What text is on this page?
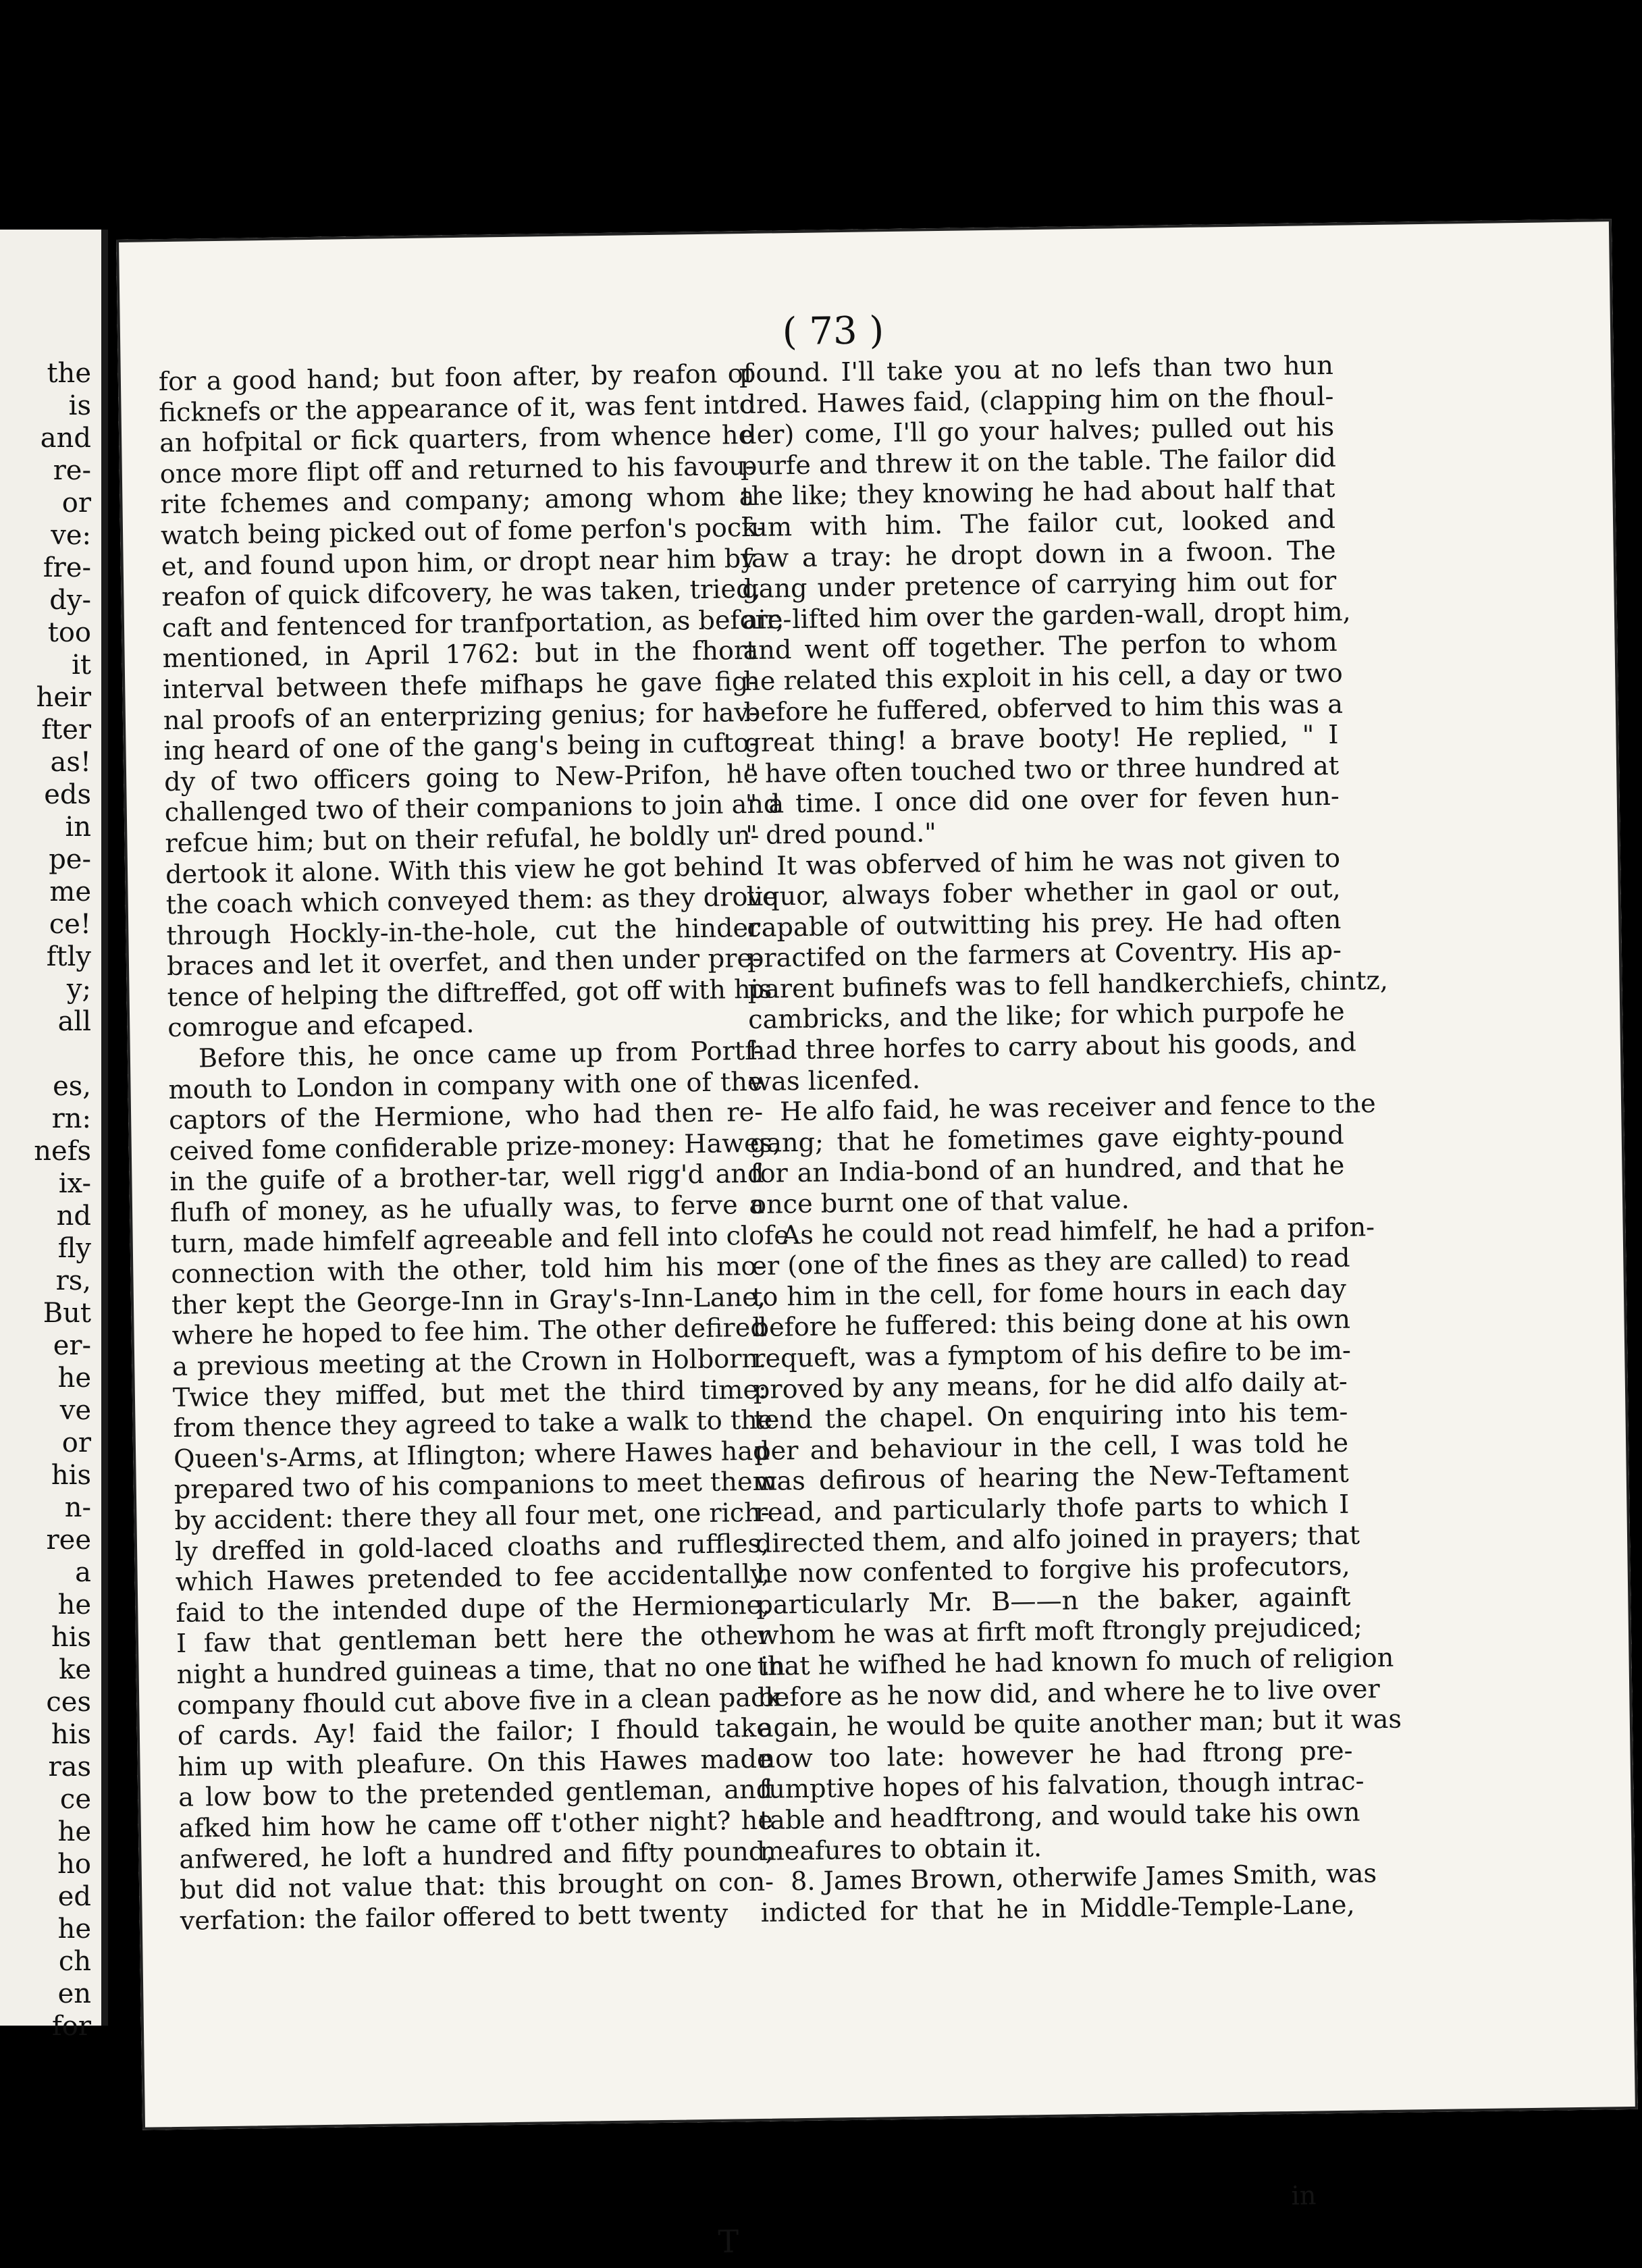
the
is
and
re-
or
ve:
fre-
dy-
too
it
heir
fter
as!
eds
in
pe-
me
ce!
ftly
y;
all
es,
rn:
nefs
ix-
nd
fly
rs,
But
er-
he
ve
or
his
n-
ree
a
he
his
ke
ces
his
ras
ce
he
ho
ed
he
ch
en
for
( 73 )
for a good hand; but foon after, by reafon of
ficknefs or the appearance of it, was fent into
an hofpital or fick quarters, from whence he
once more flipt off and returned to his favou-
rite fchemes and company; among whom a
watch being picked out of fome perfon's pock-
et, and found upon him, or dropt near him by
reafon of quick difcovery, he was taken, tried,
caft and fentenced for tranfportation, as before-
mentioned, in April 1762: but in the fhort
interval between thefe mifhaps he gave fig-
nal proofs of an enterprizing genius; for hav-
ing heard of one of the gang's being in cufto-
dy of two officers going to New-Prifon, he
challenged two of their companions to join and
refcue him; but on their refufal, he boldly un-
dertook it alone. With this view he got behind
the coach which conveyed them: as they drove
through Hockly-in-the-hole, cut the hinder
braces and let it overfet, and then under pre-
tence of helping the diftreffed, got off with his
comrogue and efcaped.
Before this, he once came up from Portf-
mouth to London in company with one of the
captors of the Hermione, who had then re-
ceived fome confiderable prize-money: Hawes,
in the guife of a brother-tar, well rigg'd and
flufh of money, as he ufually was, to ferve a
turn, made himfelf agreeable and fell into clofe
connection with the other, told him his mo-
ther kept the George-Inn in Gray's-Inn-Lane,
where he hoped to fee him. The other defired
a previous meeting at the Crown in Holborn.
Twice they miffed, but met the third time:
from thence they agreed to take a walk to the
Queen's-Arms, at Iflington; where Hawes had
prepared two of his companions to meet them
by accident: there they all four met, one rich-
ly dreffed in gold-laced cloaths and ruffles,
which Hawes pretended to fee accidentally,
faid to the intended dupe of the Hermione,
I faw that gentleman bett here the other
night a hundred guineas a time, that no one in
company fhould cut above five in a clean pack
of cards. Ay! faid the failor; I fhould take
him up with pleafure. On this Hawes made
a low bow to the pretended gentleman, and
afked him how he came off t'other night? he
anfwered, he loft a hundred and fifty pound,
but did not value that: this brought on con-
verfation: the failor offered to bett twenty
pound. I'll take you at no lefs than two hun
dred. Hawes faid, (clapping him on the fhoul-
der) come, I'll go your halves; pulled out his
purfe and threw it on the table. The failor did
the like; they knowing he had about half that
fum with him. The failor cut, looked and
faw a tray: he dropt down in a fwoon. The
gang under pretence of carrying him out for
air, lifted him over the garden-wall, dropt him,
and went off together. The perfon to whom
he related this exploit in his cell, a day or two
before he fuffered, obferved to him this was a
great thing! a brave booty! He replied, " I
" have often touched two or three hundred at
" a time. I once did one over for feven hun-
" dred pound."
It was obferved of him he was not given to
liquor, always fober whether in gaol or out,
capable of outwitting his prey. He had often
practifed on the farmers at Coventry. His ap-
parent bufinefs was to fell handkerchiefs, chintz,
cambricks, and the like; for which purpofe he
had three horfes to carry about his goods, and
was licenfed.
He alfo faid, he was receiver and fence to the
gang; that he fometimes gave eighty-pound
for an India-bond of an hundred, and that he
once burnt one of that value.
As he could not read himfelf, he had a prifon-
er (one of the fines as they are called) to read
to him in the cell, for fome hours in each day
before he fuffered: this being done at his own
requeft, was a fymptom of his defire to be im-
proved by any means, for he did alfo daily at-
tend the chapel. On enquiring into his tem-
per and behaviour in the cell, I was told he
was defirous of hearing the New-Teftament
read, and particularly thofe parts to which I
directed them, and alfo joined in prayers; that
he now confented to forgive his profecutors,
particularly Mr. B——n the baker, againft
whom he was at firft moft ftrongly prejudiced;
that he wifhed he had known fo much of religion
before as he now did, and where he to live over
again, he would be quite another man; but it was
now too late: however he had ftrong pre-
fumptive hopes of his falvation, though intrac-
table and headftrong, and would take his own
meafures to obtain it.
8. James Brown, otherwife James Smith, was
indicted for that he in Middle-Temple-Lane,
T
in
